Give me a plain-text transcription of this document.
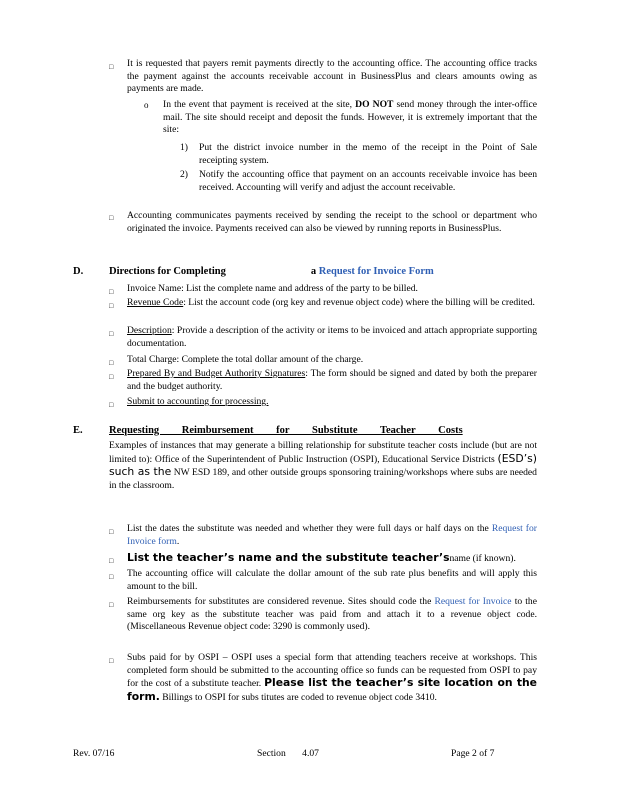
□	It is requested that payers remit payments directly to the accounting office. The accounting office tracks the payment against the accounts receivable account in BusinessPlus and clears amounts owing as payments are made.
o In the event that payment is received at the site, DO NOT send money through the inter-office mail. The site should receipt and deposit the funds. However, it is extremely important that the site:
1) Put the district invoice number in the memo of the receipt in the Point of Sale receipting system.
2) Notify the accounting office that payment on an accounts receivable invoice has been received. Accounting will verify and adjust the account receivable.
□	Accounting communicates payments received by sending the receipt to the school or department who originated the invoice. Payments received can also be viewed by running reports in BusinessPlus.
D. Directions for Completing	a Request for Invoice Form
□	Invoice Name: List the complete name and address of the party to be billed.
□	Revenue Code: List the account code (org key and revenue object code) where the billing will be credited.
□	Description: Provide a description of the activity or items to be invoiced and attach appropriate supporting documentation.
□	Total Charge: Complete the total dollar amount of the charge.
□	Prepared By and Budget Authority Signatures: The form should be signed and dated by both the preparer and the budget authority.
□	Submit to accounting for processing.
E.	Requesting Reimbursement for Substitute Teacher Costs
Examples of instances that may generate a billing relationship for substitute teacher costs include (but are not limited to): Office of the Superintendent of Public Instruction (OSPI), Educational Service Districts (ESD’s) such as the NW ESD 189, and other outside groups sponsoring training/workshops where subs are needed in the classroom.
□	List the dates the substitute was needed and whether they were full days or half days on the Request for Invoice form.
□	List the teacher’s name and the substitute teacher’sname (if known).
□	The accounting office will calculate the dollar amount of the sub rate plus benefits and will apply this amount to the bill.
□	Reimbursements for substitutes are considered revenue. Sites should code the Request for Invoice to the same org key as the substitute teacher was paid from and attach it to a revenue object code. (Miscellaneous Revenue object code: 3290 is commonly used).
□	Subs paid for by OSPI – OSPI uses a special form that attending teachers receive at workshops. This completed form should be submitted to the accounting office so funds can be requested from OSPI to pay for the cost of a substitute teacher. Please list the teacher’s site location on the form. Billings to OSPI for subs titutes are coded to revenue object code 3410.
Rev. 07/16	Section 4.07	Page 2 of 7
